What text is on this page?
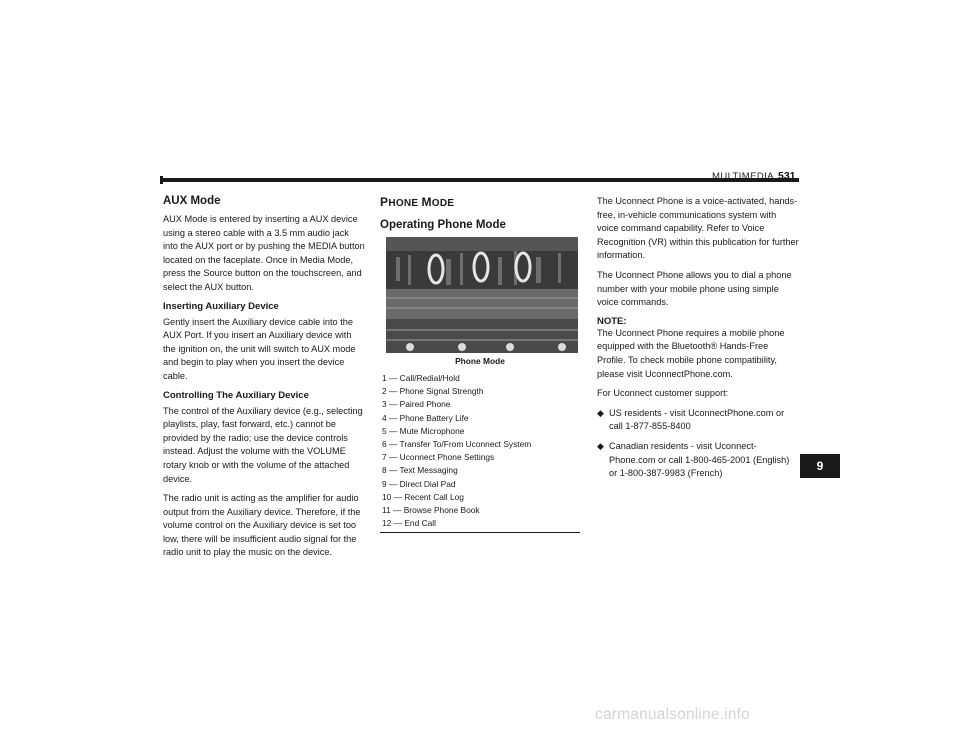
MULTIMEDIA 531
AUX Mode
AUX Mode is entered by inserting a AUX device using a stereo cable with a 3.5 mm audio jack into the AUX port or by pushing the MEDIA button located on the faceplate. Once in Media Mode, press the Source button on the touchscreen, and select the AUX button.
Inserting Auxiliary Device
Gently insert the Auxiliary device cable into the AUX Port. If you insert an Auxiliary device with the ignition on, the unit will switch to AUX mode and begin to play when you insert the device cable.
Controlling The Auxiliary Device
The control of the Auxiliary device (e.g., selecting playlists, play, fast forward, etc.) cannot be provided by the radio; use the device controls instead. Adjust the volume with the VOLUME rotary knob or with the volume of the attached device.
The radio unit is acting as the amplifier for audio output from the Auxiliary device. Therefore, if the volume control on the Auxiliary device is set too low, there will be insufficient audio signal for the radio unit to play the music on the device.
PHONE MODE
Operating Phone Mode
Phone Mode
1 — Call/Redial/Hold
2 — Phone Signal Strength
3 — Paired Phone
4 — Phone Battery Life
5 — Mute Microphone
6 — Transfer To/From Uconnect System
7 — Uconnect Phone Settings
8 — Text Messaging
9 — Direct Dial Pad
10 — Recent Call Log
11 — Browse Phone Book
12 — End Call
The Uconnect Phone is a voice-activated, hands-free, in-vehicle communications system with voice command capability. Refer to Voice Recognition (VR) within this publication for further information.
The Uconnect Phone allows you to dial a phone number with your mobile phone using simple voice commands.
NOTE:
The Uconnect Phone requires a mobile phone equipped with the Bluetooth® Hands-Free Profile. To check mobile phone compatibility, please visit UconnectPhone.com.
For Uconnect customer support:
◆ US residents - visit UconnectPhone.com or call 1-877-855-8400
◆ Canadian residents - visit Uconnect-Phone.com or call 1-800-465-2001 (English) or 1-800-387-9983 (French)
9
carmanualsonline.info
